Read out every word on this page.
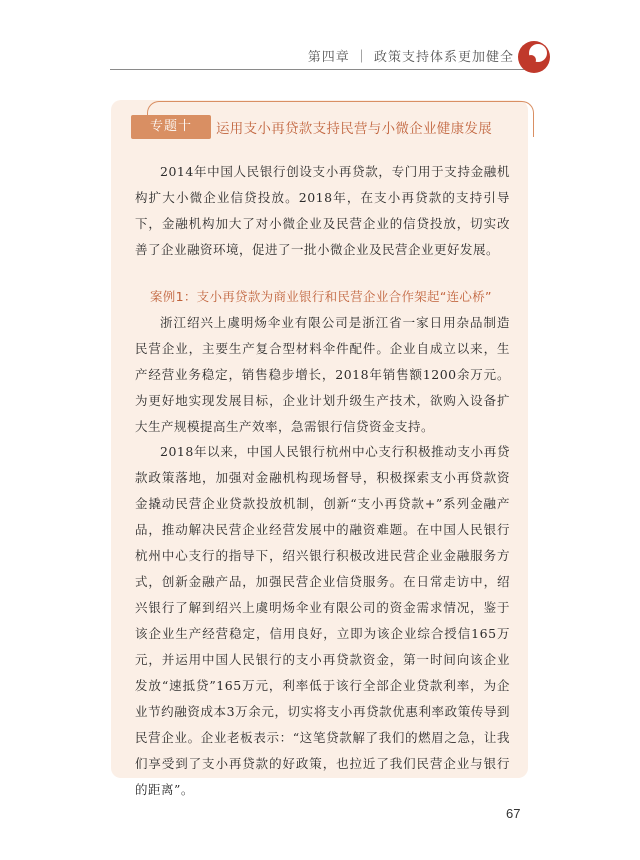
第四章 ｜ 政策支持体系更加健全
专题十	运用支小再贷款支持民营与小微企业健康发展

2014年中国人民银行创设支小再贷款，专门用于支持金融机构扩大小微企业信贷投放。2018年，在支小再贷款的支持引导下，金融机构加大了对小微企业及民营企业的信贷投放，切实改善了企业融资环境，促进了一批小微企业及民营企业更好发展。

案例1：支小再贷款为商业银行和民营企业合作架起“连心桥”

浙江绍兴上虞明炀伞业有限公司是浙江省一家日用杂品制造民营企业，主要生产复合型材料伞件配件。企业自成立以来，生产经营业务稳定，销售稳步增长，2018年销售额1200余万元。为更好地实现发展目标，企业计划升级生产技术，欲购入设备扩大生产规模提高生产效率，急需银行信贷资金支持。

2018年以来，中国人民银行杭州中心支行积极推动支小再贷款政策落地，加强对金融机构现场督导，积极探索支小再贷款资金撬动民营企业贷款投放机制，创新“支小再贷款+”系列金融产品，推动解决民营企业经营发展中的融资难题。在中国人民银行杭州中心支行的指导下，绍兴银行积极改进民营企业金融服务方式，创新金融产品，加强民营企业信贷服务。在日常走访中，绍兴银行了解到绍兴上虞明炀伞业有限公司的资金需求情况，鉴于该企业生产经营稳定，信用良好，立即为该企业综合授信165万元，并运用中国人民银行的支小再贷款资金，第一时间向该企业发放“速抵贷”165万元，利率低于该行全部企业贷款利率，为企业节约融资成本3万余元，切实将支小再贷款优惠利率政策传导到民营企业。企业老板表示：“这笔贷款解了我们的燃眉之急，让我们享受到了支小再贷款的好政策，也拉近了我们民营企业与银行的距离”。

67
